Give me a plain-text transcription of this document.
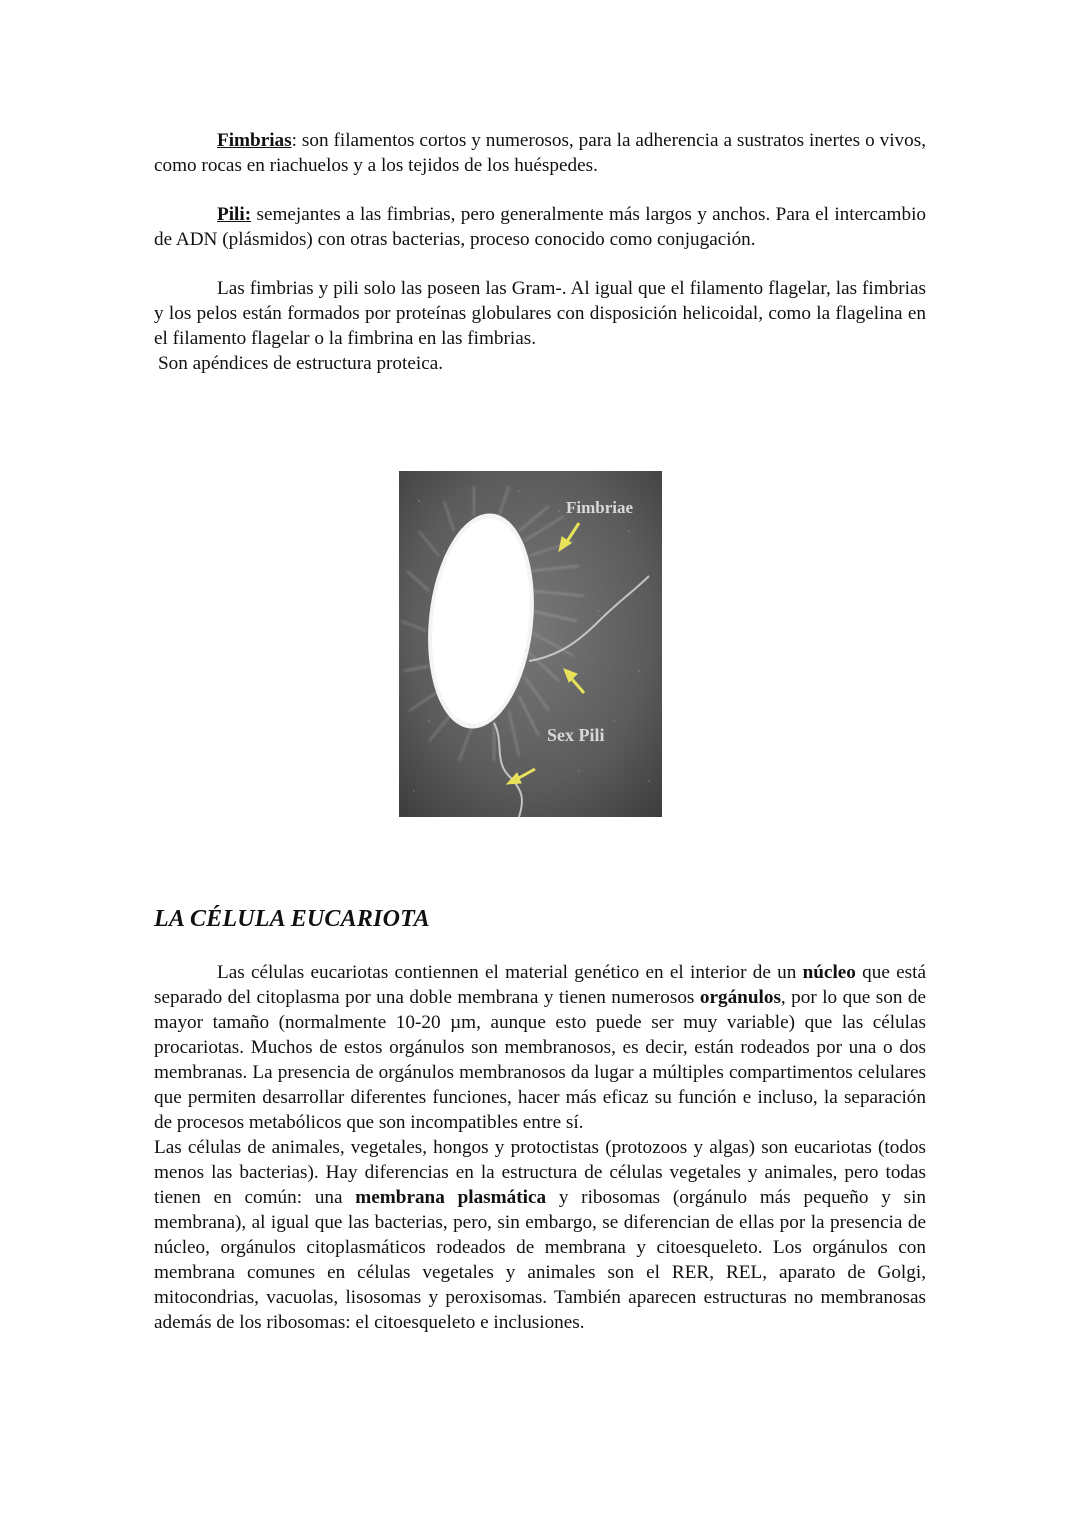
Fimbrias: son filamentos cortos y numerosos, para la adherencia a sustratos inertes o vivos, como rocas en riachuelos y a los tejidos de los huéspedes.

Pili: semejantes a las fimbrias, pero generalmente más largos y anchos. Para el intercambio de ADN (plásmidos) con otras bacterias, proceso conocido como conjugación.

Las fimbrias y pili solo las poseen las Gram-. Al igual que el filamento flagelar, las fimbrias y los pelos están formados por proteínas globulares con disposición helicoidal, como la flagelina en el filamento flagelar o la fimbrina en las fimbrias.

Son apéndices de estructura proteica.

Fimbriae
Sex Pili
LA CÉLULA EUCARIOTA

Las células eucariotas contiennen el material genético en el interior de un núcleo que está separado del citoplasma por una doble membrana y tienen numerosos orgánulos, por lo que son de mayor tamaño (normalmente 10-20 µm, aunque esto puede ser muy variable) que las células procariotas. Muchos de estos orgánulos son membranosos, es decir, están rodeados por una o dos membranas. La presencia de orgánulos membranosos da lugar a múltiples compartimentos celulares que permiten desarrollar diferentes funciones, hacer más eficaz su función e incluso, la separación de procesos metabólicos que son incompatibles entre sí.

Las células de animales, vegetales, hongos y protoctistas (protozoos y algas) son eucariotas (todos menos las bacterias). Hay diferencias en la estructura de células vegetales y animales, pero todas tienen en común: una membrana plasmática y ribosomas (orgánulo más pequeño y sin membrana), al igual que las bacterias, pero, sin embargo, se diferencian de ellas por la presencia de núcleo, orgánulos citoplasmáticos rodeados de membrana y citoesqueleto. Los orgánulos con membrana comunes en células vegetales y animales son el RER, REL, aparato de Golgi, mitocondrias, vacuolas, lisosomas y peroxisomas. También aparecen estructuras no membranosas además de los ribosomas: el citoesqueleto e inclusiones.
